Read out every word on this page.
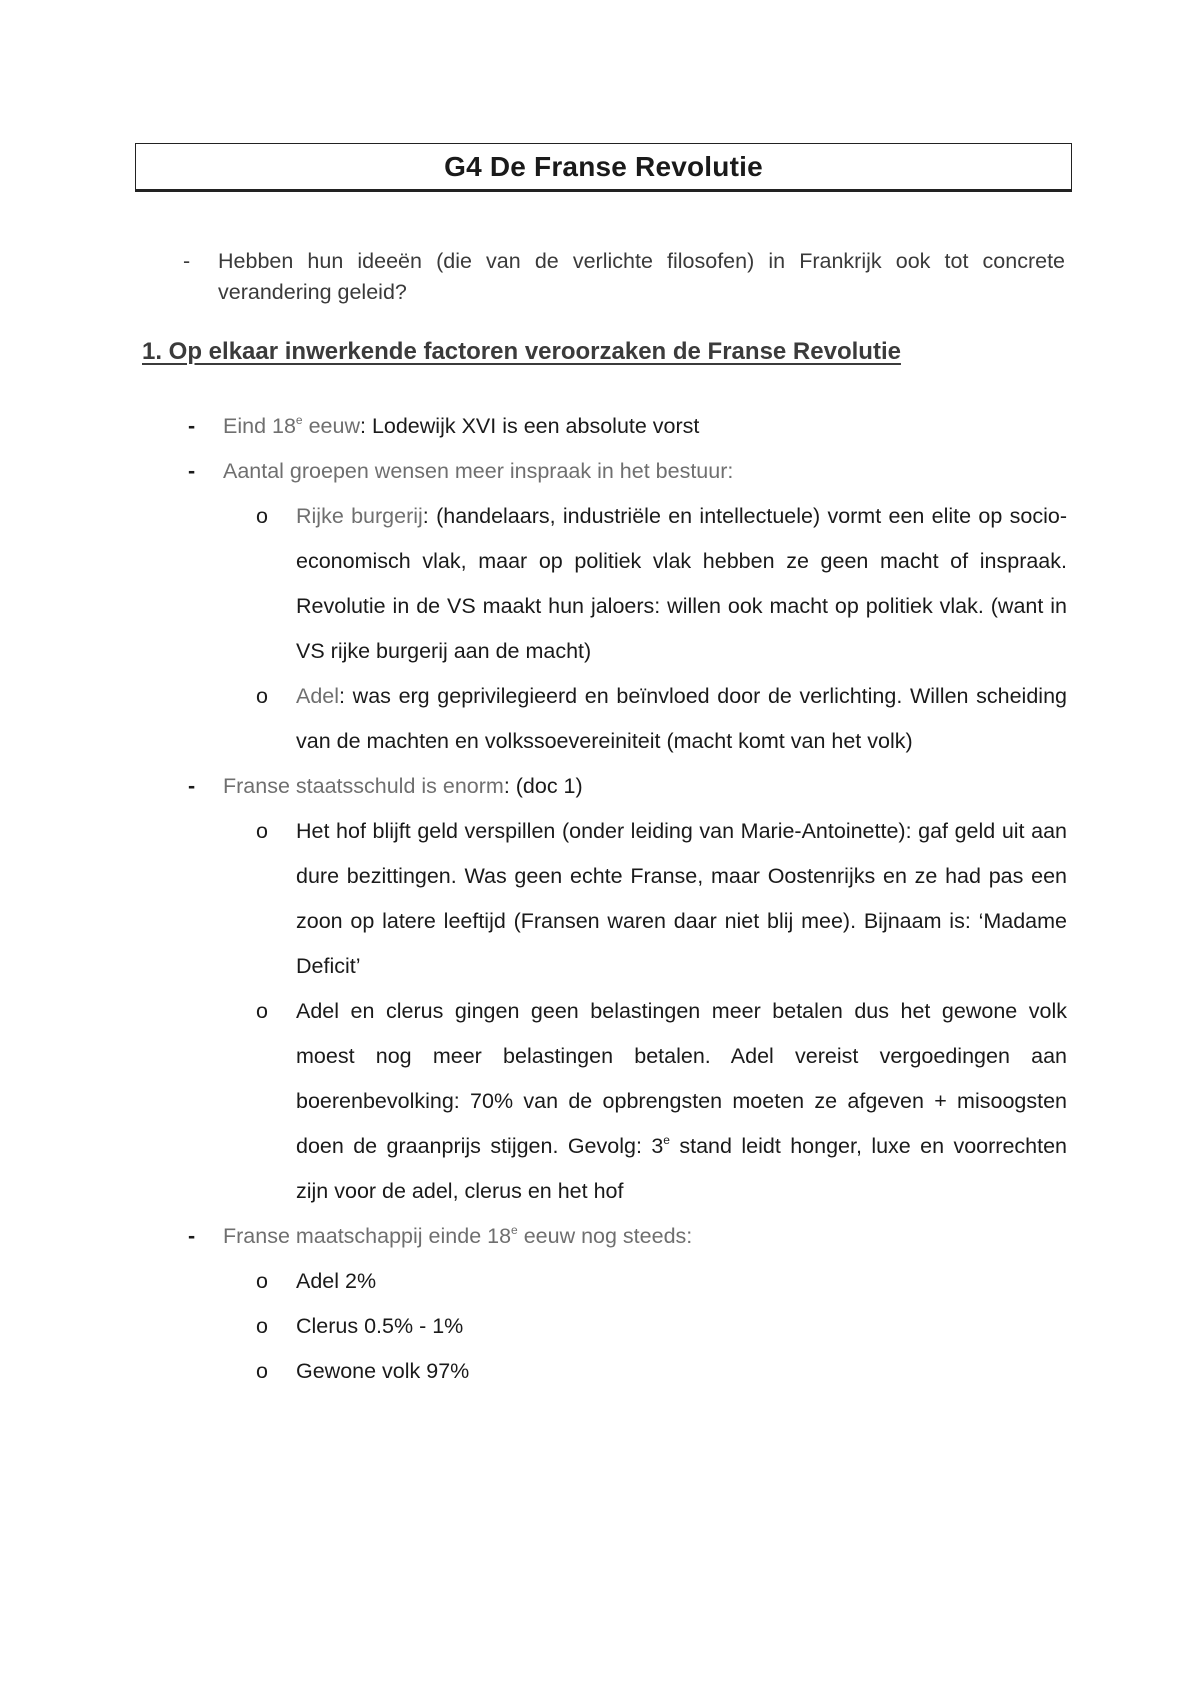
G4 De Franse Revolutie
- Hebben hun ideeën (die van de verlichte filosofen) in Frankrijk ook tot concrete verandering geleid?
1. Op elkaar inwerkende factoren veroorzaken de Franse Revolutie
- Eind 18e eeuw: Lodewijk XVI is een absolute vorst
- Aantal groepen wensen meer inspraak in het bestuur:
o Rijke burgerij: (handelaars, industriële en intellectuele) vormt een elite op socio-economisch vlak, maar op politiek vlak hebben ze geen macht of inspraak. Revolutie in de VS maakt hun jaloers: willen ook macht op politiek vlak. (want in VS rijke burgerij aan de macht)
o Adel: was erg geprivilegieerd en beïnvloed door de verlichting. Willen scheiding van de machten en volkssoevereiniteit (macht komt van het volk)
- Franse staatsschuld is enorm: (doc 1)
o Het hof blijft geld verspillen (onder leiding van Marie-Antoinette): gaf geld uit aan dure bezittingen. Was geen echte Franse, maar Oostenrijks en ze had pas een zoon op latere leeftijd (Fransen waren daar niet blij mee). Bijnaam is: ‘Madame Deficit’
o Adel en clerus gingen geen belastingen meer betalen dus het gewone volk moest nog meer belastingen betalen. Adel vereist vergoedingen aan boerenbevolking: 70% van de opbrengsten moeten ze afgeven + misoogsten doen de graanprijs stijgen. Gevolg: 3e stand leidt honger, luxe en voorrechten zijn voor de adel, clerus en het hof
- Franse maatschappij einde 18e eeuw nog steeds:
o Adel 2%
o Clerus 0.5% - 1%
o Gewone volk 97%
